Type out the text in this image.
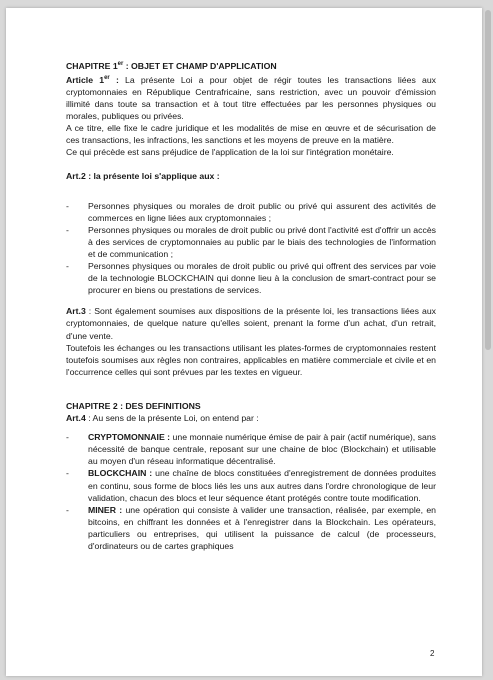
CHAPITRE 1er : OBJET ET CHAMP D'APPLICATION

Article 1er : La présente Loi a pour objet de régir toutes les transactions liées aux cryptomonnaies en République Centrafricaine, sans restriction, avec un pouvoir d'émission illimité dans toute sa transaction et à tout titre effectuées par les personnes physiques ou morales, publiques ou privées.

A ce titre, elle fixe le cadre juridique et les modalités de mise en œuvre et de sécurisation de ces transactions, les infractions, les sanctions et les moyens de preuve en la matière.

Ce qui précède est sans préjudice de l'application de la loi sur l'intégration monétaire.

Art.2 : la présente loi s'applique aux :

- Personnes physiques ou morales de droit public ou privé qui assurent des activités de commerces en ligne liées aux cryptomonnaies ;
- Personnes physiques ou morales de droit public ou privé dont l'activité est d'offrir un accès à des services de cryptomonnaies au public par le biais des technologies de l'information et de communication ;
- Personnes physiques ou morales de droit public ou privé qui offrent des services par voie de la technologie BLOCKCHAIN qui donne lieu à la conclusion de smart-contract pour se procurer en biens ou prestations de services.

Art.3 : Sont également soumises aux dispositions de la présente loi, les transactions liées aux cryptomonnaies, de quelque nature qu'elles soient, prenant la forme d'un achat, d'un retrait, d'une vente.

Toutefois les échanges ou les transactions utilisant les plates-formes de cryptomonnaies restent toutefois soumises aux règles non contraires, applicables en matière commerciale et civile et en l'occurrence celles qui sont prévues par les textes en vigueur.

CHAPITRE 2 : DES DEFINITIONS

Art.4 : Au sens de la présente Loi, on entend par :

- CRYPTOMONNAIE : une monnaie numérique émise de pair à pair (actif numérique), sans nécessité de banque centrale, reposant sur une chaine de bloc (Blockchain) et utilisable au moyen d'un réseau informatique décentralisé.
- BLOCKCHAIN : une chaîne de blocs constituées d'enregistrement de données produites en continu, sous forme de blocs liés les uns aux autres dans l'ordre chronologique de leur validation, chacun des blocs et leur séquence étant protégés contre toute modification.
- MINER : une opération qui consiste à valider une transaction, réalisée, par exemple, en bitcoins, en chiffrant les données et à l'enregistrer dans la Blockchain. Les opérateurs, particuliers ou entreprises, qui utilisent la puissance de calcul (de processeurs, d'ordinateurs ou de cartes graphiques
2
